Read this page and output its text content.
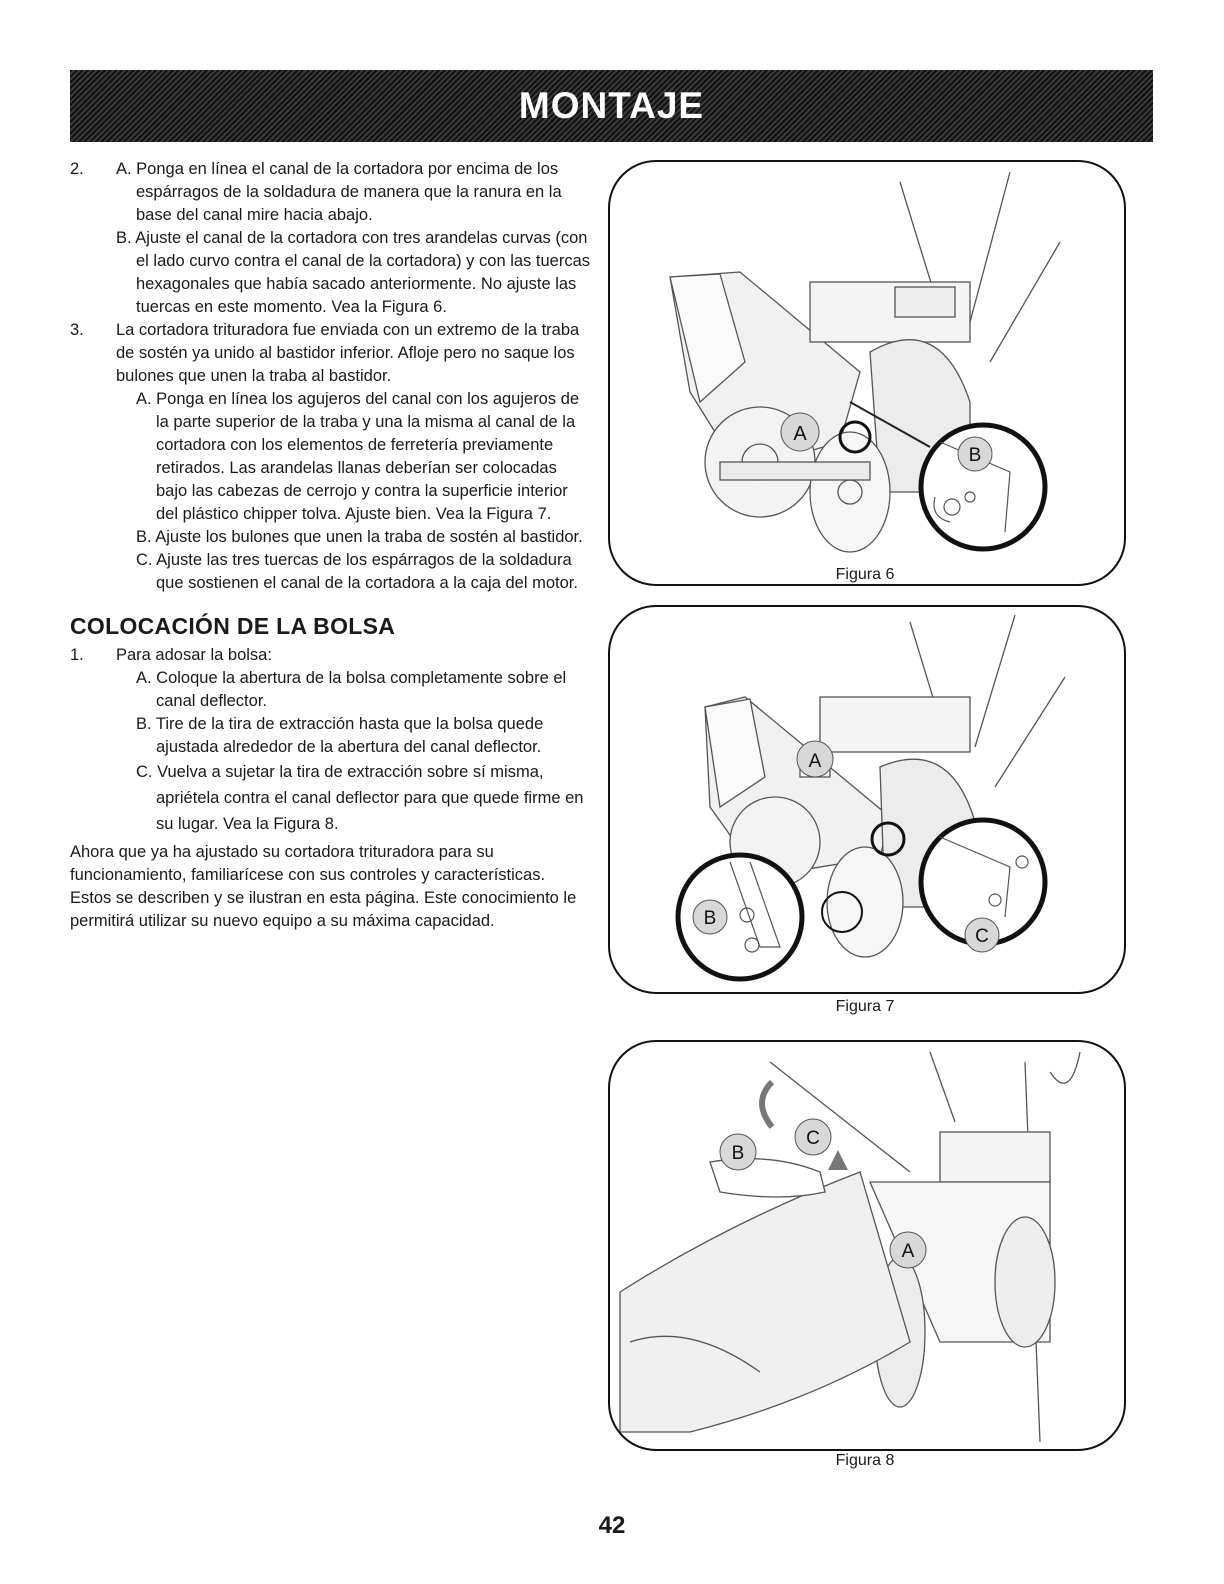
MONTAJE
2. A. Ponga en línea el canal de la cortadora por encima de los espárragos de la soldadura de manera que la ranura en la base del canal mire hacia abajo.
B. Ajuste el canal de la cortadora con tres arandelas curvas (con el lado curvo contra el canal de la cortadora) y con las tuercas hexagonales que había sacado anteriormente. No ajuste las tuercas en este momento. Vea la Figura 6.
3. La cortadora trituradora fue enviada con un extremo de la traba de sostén ya unido al bastidor inferior. Afloje pero no saque los bulones que unen la traba al bastidor.
A. Ponga en línea los agujeros del canal con los agujeros de la parte superior de la traba y una la misma al canal de la cortadora con los elementos de ferretería previamente retirados. Las arandelas llanas deberían ser colocadas bajo las cabezas de cerrojo y contra la superficie interior del plástico chipper tolva. Ajuste bien. Vea la Figura 7.
B. Ajuste los bulones que unen la traba de sostén al bastidor.
C. Ajuste las tres tuercas de los espárragos de la soldadura que sostienen el canal de la cortadora a la caja del motor.
COLOCACIÓN DE LA BOLSA
1. Para adosar la bolsa:
A. Coloque la abertura de la bolsa completamente sobre el canal deflector.
B. Tire de la tira de extracción hasta que la bolsa quede ajustada alrededor de la abertura del canal deflector.
C. Vuelva a sujetar la tira de extracción sobre sí misma, apriétela contra el canal deflector para que quede firme en su lugar. Vea la Figura 8.
Ahora que ya ha ajustado su cortadora trituradora para su funcionamiento, familiarícese con sus controles y características. Estos se describen y se ilustran en esta página. Este conocimiento le permitirá utilizar su nuevo equipo a su máxima capacidad.
A
B
Figura 6
A
B
C
Figura 7
B
C
A
Figura 8
42
